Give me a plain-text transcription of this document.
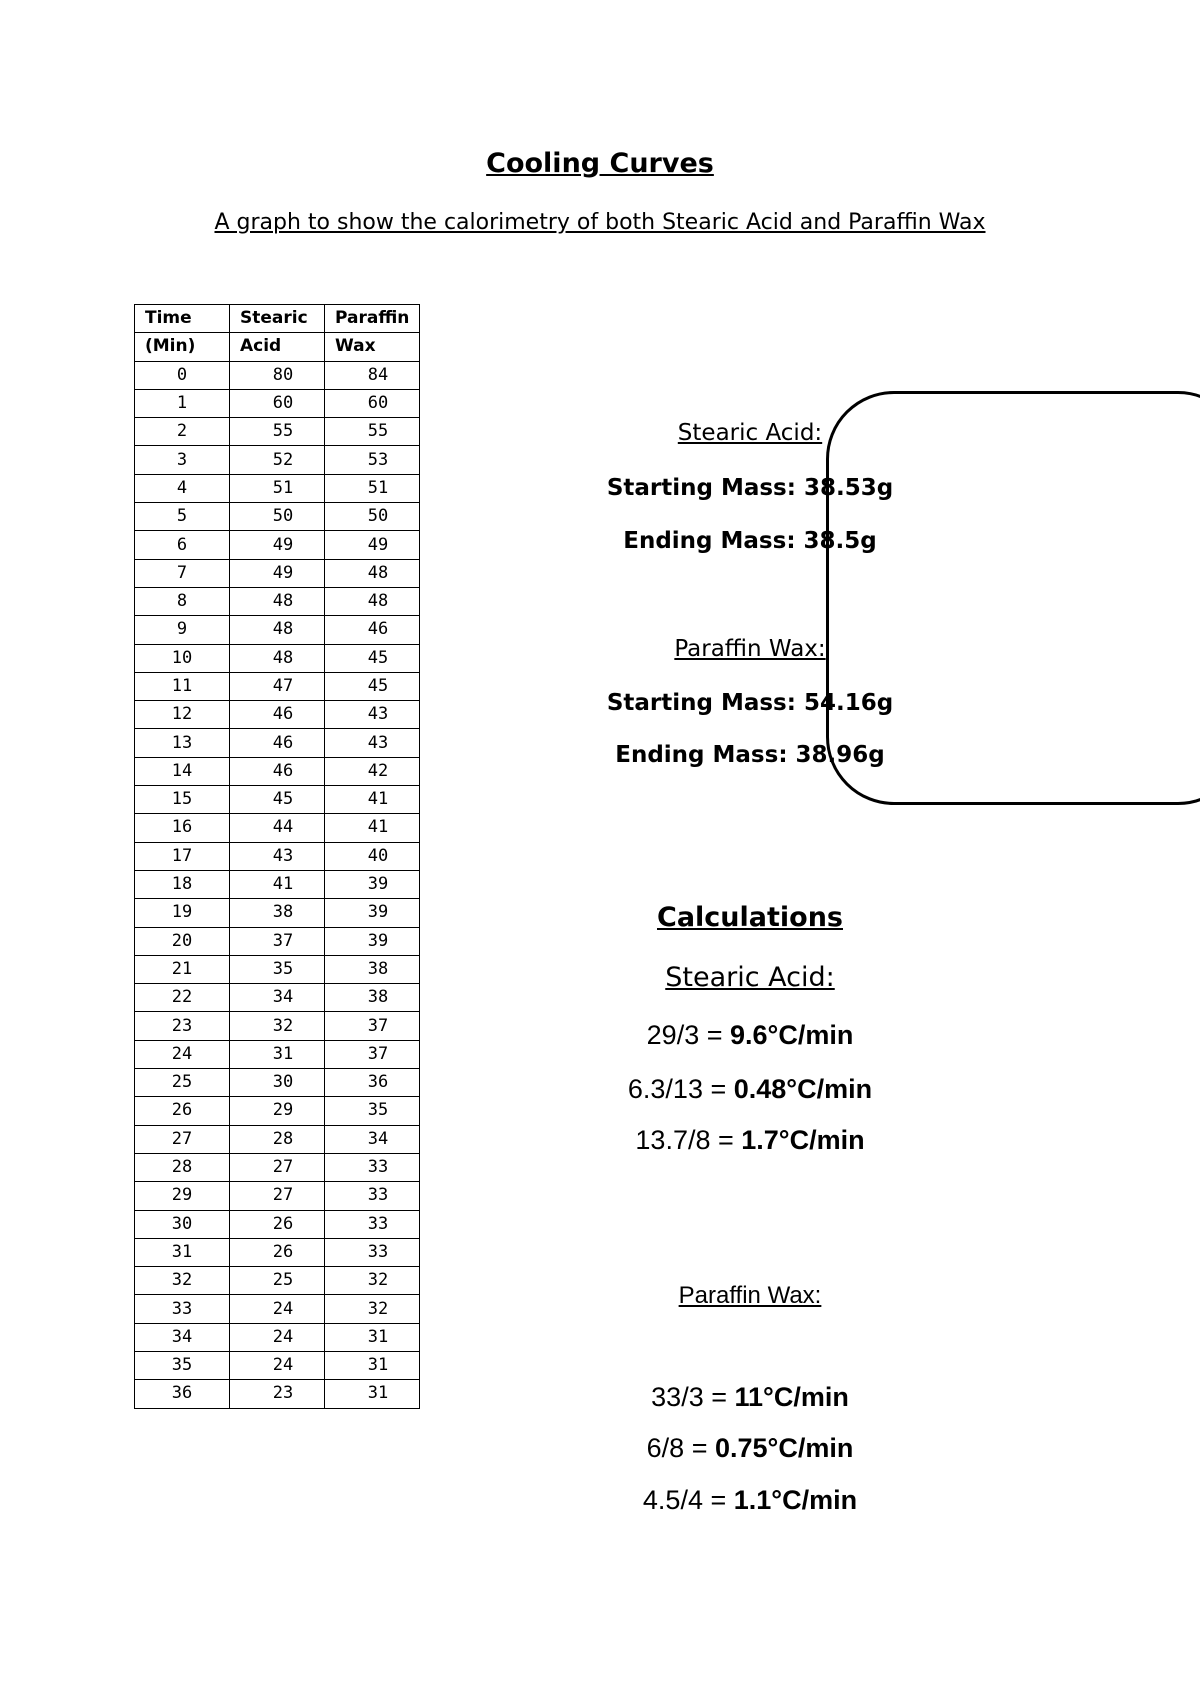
Cooling Curves
A graph to show the calorimetry of both Stearic Acid and Paraffin Wax
Time	Stearic	Paraffin
(Min)	Acid	Wax
0	80	84
1	60	60
2	55	55
3	52	53
4	51	51
5	50	50
6	49	49
7	49	48
8	48	48
9	48	46
10	48	45
11	47	45
12	46	43
13	46	43
14	46	42
15	45	41
16	44	41
17	43	40
18	41	39
19	38	39
20	37	39
21	35	38
22	34	38
23	32	37
24	31	37
25	30	36
26	29	35
27	28	34
28	27	33
29	27	33
30	26	33
31	26	33
32	25	32
33	24	32
34	24	31
35	24	31
36	23	31
Stearic Acid:
Starting Mass: 38.53g
Ending Mass: 38.5g
Paraffin Wax:
Starting Mass: 54.16g
Ending Mass: 38.96g
Calculations
Stearic Acid:
29/3 = 9.6°C/min
6.3/13 = 0.48°C/min
13.7/8 = 1.7°C/min
Paraffin Wax:
33/3 = 11°C/min
6/8 = 0.75°C/min
4.5/4 = 1.1°C/min
